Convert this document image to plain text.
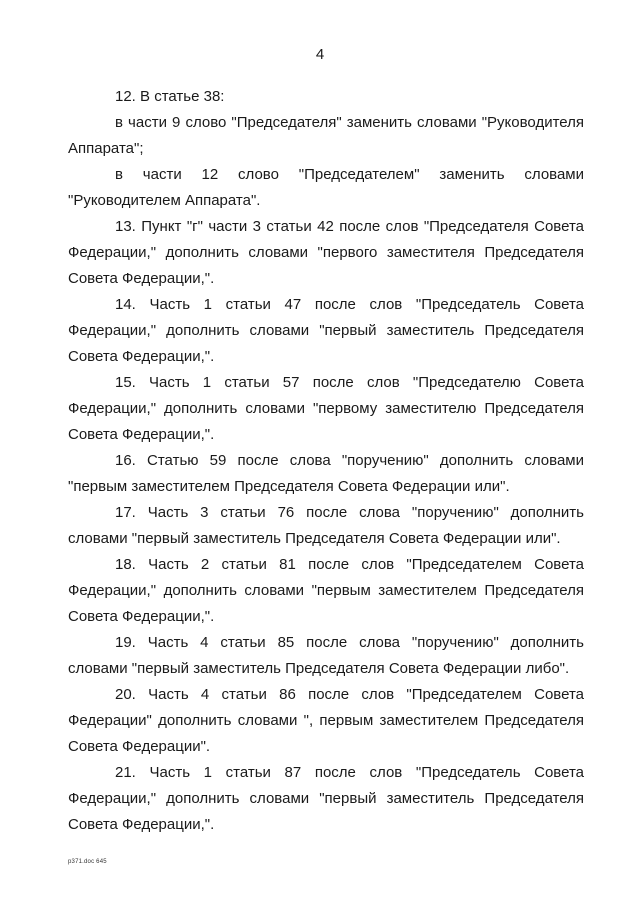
4

12. В статье 38:

в части 9 слово "Председателя" заменить словами "Руководителя Аппарата";

в части 12 слово "Председателем" заменить словами "Руководителем Аппарата".

13. Пункт "г" части 3 статьи 42 после слов "Председателя Совета Федерации," дополнить словами "первого заместителя Председателя Совета Федерации,".

14. Часть 1 статьи 47 после слов "Председатель Совета Федерации," дополнить словами "первый заместитель Председателя Совета Федерации,".

15. Часть 1 статьи 57 после слов "Председателю Совета Федерации," дополнить словами "первому заместителю Председателя Совета Федерации,".

16. Статью 59 после слова "поручению" дополнить словами "первым заместителем Председателя Совета Федерации или".

17. Часть 3 статьи 76 после слова "поручению" дополнить словами "первый заместитель Председателя Совета Федерации или".

18. Часть 2 статьи 81 после слов "Председателем Совета Федерации," дополнить словами "первым заместителем Председателя Совета Федерации,".

19. Часть 4 статьи 85 после слова "поручению" дополнить словами "первый заместитель Председателя Совета Федерации либо".

20. Часть 4 статьи 86 после слов "Председателем Совета Федерации" дополнить словами ", первым заместителем Председателя Совета Федерации".

21. Часть 1 статьи 87 после слов "Председатель Совета Федерации," дополнить словами "первый заместитель Председателя Совета Федерации,".

p371.doc 645
